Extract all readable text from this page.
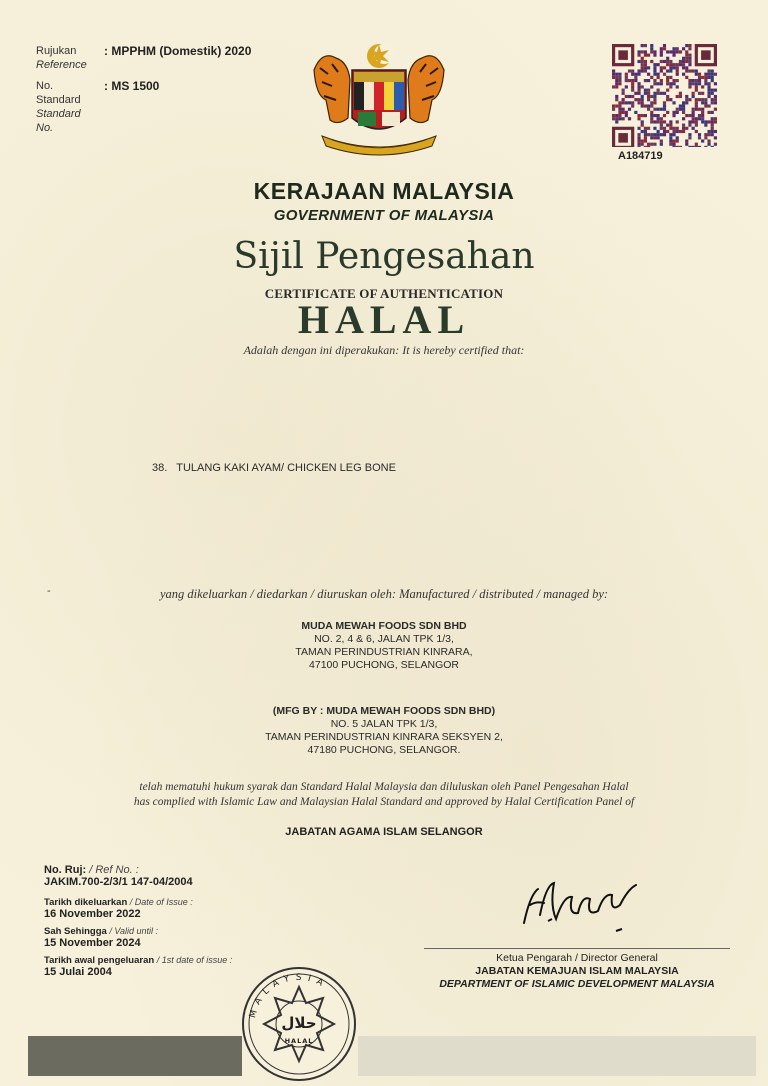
Rujukan
Reference
: MPPHM (Domestik) 2020
No.
Standard
Standard
No.
: MS 1500
A184719
KERAJAAN MALAYSIA
GOVERNMENT OF MALAYSIA
Sijil Pengesahan
CERTIFICATE OF AUTHENTICATION
HALAL
Adalah dengan ini diperakukan: It is hereby certified that:
38.   TULANG KAKI AYAM/ CHICKEN LEG BONE
-	yang dikeluarkan / diedarkan / diuruskan oleh: Manufactured / distributed / managed by:
MUDA MEWAH FOODS SDN BHD
NO. 2, 4 & 6, JALAN TPK 1/3,
TAMAN PERINDUSTRIAN KINRARA,
47100 PUCHONG, SELANGOR
(MFG BY : MUDA MEWAH FOODS SDN BHD)
NO. 5 JALAN TPK 1/3,
TAMAN PERINDUSTRIAN KINRARA SEKSYEN 2,
47180 PUCHONG, SELANGOR.
telah mematuhi hukum syarak dan Standard Halal Malaysia dan diluluskan oleh Panel Pengesahan Halal
has complied with Islamic Law and Malaysian Halal Standard and approved by Halal Certification Panel of
JABATAN AGAMA ISLAM SELANGOR
No. Ruj: / Ref No. :
JAKIM.700-2/3/1 147-04/2004
Tarikh dikeluarkan / Date of Issue :
16 November 2022
Sah Sehingga / Valid until :
15 November 2024
Tarikh awal pengeluaran / 1st date of issue :
15 Julai 2004
Ketua Pengarah / Director General
JABATAN KEMAJUAN ISLAM MALAYSIA
DEPARTMENT OF ISLAMIC DEVELOPMENT MALAYSIA
MALAYSIA
حلال
HALAL
